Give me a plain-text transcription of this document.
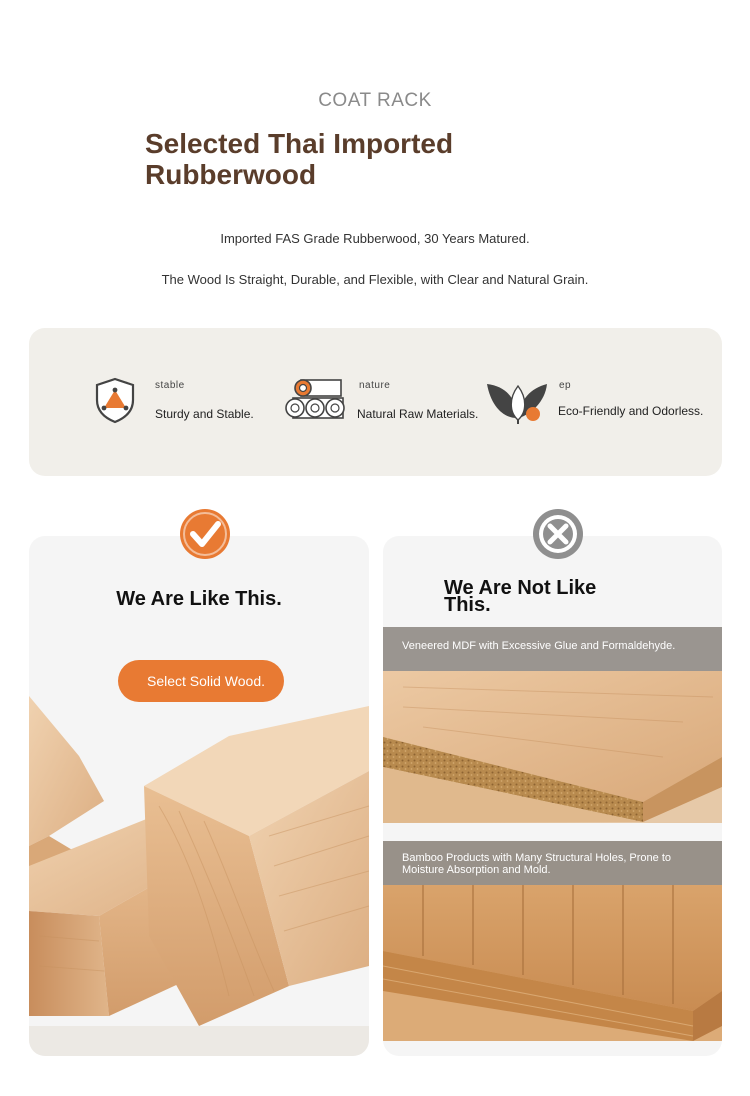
COAT RACK
Selected Thai Imported Rubberwood
Imported FAS Grade Rubberwood, 30 Years Matured.
The Wood Is Straight, Durable, and Flexible, with Clear and Natural Grain.
stable
Sturdy and Stable.
nature
Natural Raw Materials.
ep
Eco-Friendly and Odorless.
We Are Like This.
Select Solid Wood.
We Are Not Like This.
Veneered MDF with Excessive Glue and Formaldehyde.
Bamboo Products with Many Structural Holes, Prone to Moisture Absorption and Mold.
